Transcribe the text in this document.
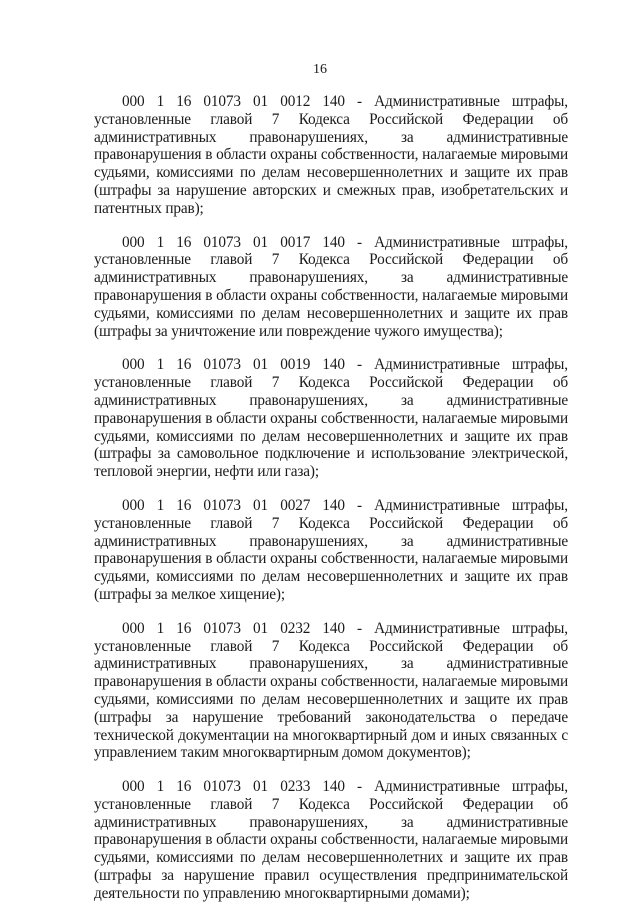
16

000 1 16 01073 01 0012 140 - Административные штрафы, установленные главой 7 Кодекса Российской Федерации об административных правонарушениях, за административные правонарушения в области охраны собственности, налагаемые мировыми судьями, комиссиями по делам несовершеннолетних и защите их прав (штрафы за нарушение авторских и смежных прав, изобретательских и патентных прав);

000 1 16 01073 01 0017 140 - Административные штрафы, установленные главой 7 Кодекса Российской Федерации об административных правонарушениях, за административные правонарушения в области охраны собственности, налагаемые мировыми судьями, комиссиями по делам несовершеннолетних и защите их прав (штрафы за уничтожение или повреждение чужого имущества);

000 1 16 01073 01 0019 140 - Административные штрафы, установленные главой 7 Кодекса Российской Федерации об административных правонарушениях, за административные правонарушения в области охраны собственности, налагаемые мировыми судьями, комиссиями по делам несовершеннолетних и защите их прав (штрафы за самовольное подключение и использование электрической, тепловой энергии, нефти или газа);

000 1 16 01073 01 0027 140 - Административные штрафы, установленные главой 7 Кодекса Российской Федерации об административных правонарушениях, за административные правонарушения в области охраны собственности, налагаемые мировыми судьями, комиссиями по делам несовершеннолетних и защите их прав (штрафы за мелкое хищение);

000 1 16 01073 01 0232 140 - Административные штрафы, установленные главой 7 Кодекса Российской Федерации об административных правонарушениях, за административные правонарушения в области охраны собственности, налагаемые мировыми судьями, комиссиями по делам несовершеннолетних и защите их прав (штрафы за нарушение требований законодательства о передаче технической документации на многоквартирный дом и иных связанных с управлением таким многоквартирным домом документов);

000 1 16 01073 01 0233 140 - Административные штрафы, установленные главой 7 Кодекса Российской Федерации об административных правонарушениях, за административные правонарушения в области охраны собственности, налагаемые мировыми судьями, комиссиями по делам несовершеннолетних и защите их прав (штрафы за нарушение правил осуществления предпринимательской деятельности по управлению многоквартирными домами);
